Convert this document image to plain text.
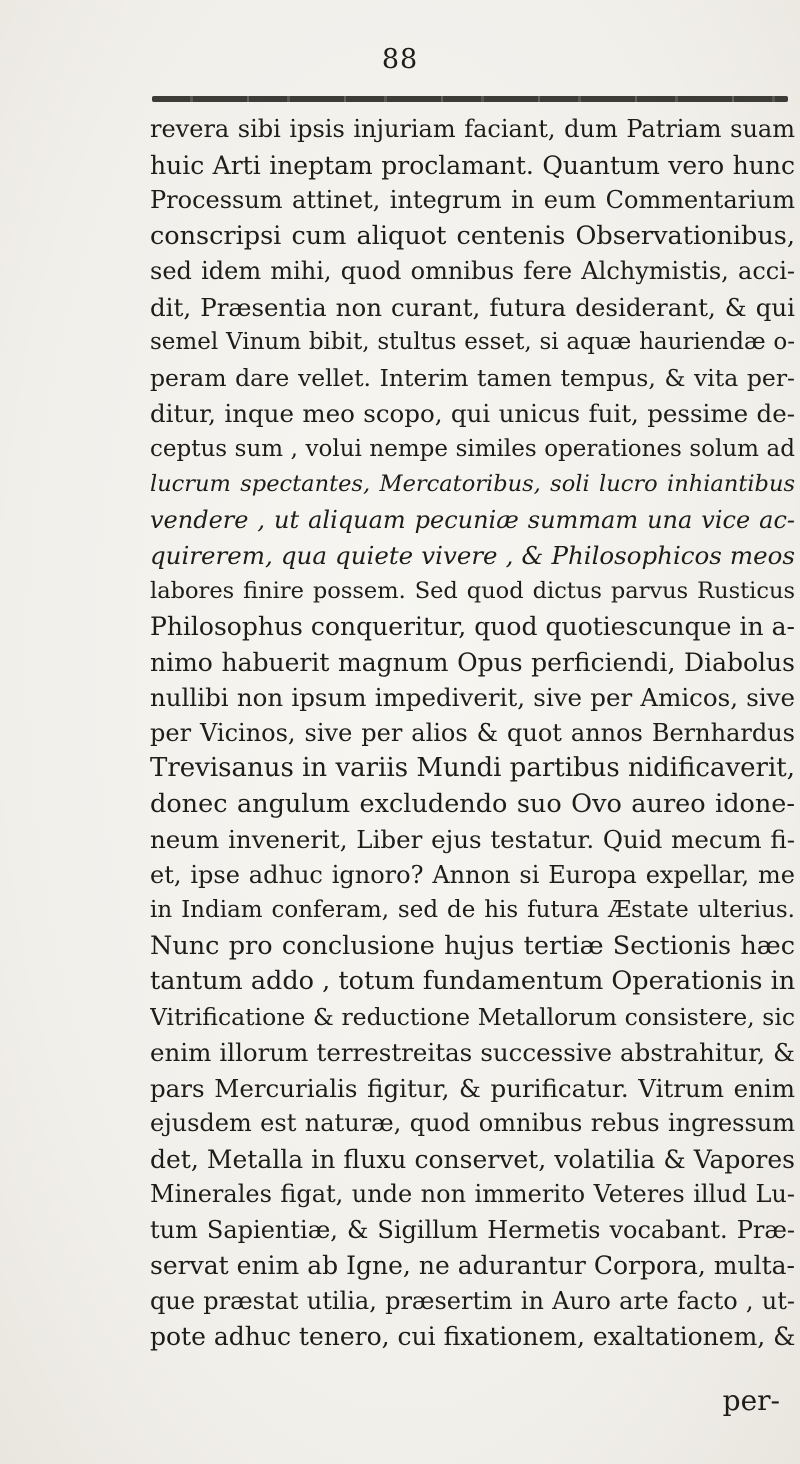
88
revera sibi ipsis injuriam faciant, dum Patriam suam
huic Arti ineptam proclamant. Quantum vero hunc
Processum attinet, integrum in eum Commentarium
conscripsi cum aliquot centenis Observationibus,
sed idem mihi, quod omnibus fere Alchymistis, acci-
dit, Præsentia non curant, futura desiderant, & qui
semel Vinum bibit, stultus esset, si aquæ hauriendæ o-
peram dare vellet. Interim tamen tempus, & vita per-
ditur, inque meo scopo, qui unicus fuit, pessime de-
ceptus sum , volui nempe similes operationes solum ad
lucrum spectantes, Mercatoribus, soli lucro inhiantibus
vendere , ut aliquam pecuniæ summam una vice ac-
quirerem, qua quiete vivere , & Philosophicos meos
labores finire possem. Sed quod dictus parvus Rusticus
Philosophus conqueritur, quod quotiescunque in a-
nimo habuerit magnum Opus perficiendi, Diabolus
nullibi non ipsum impediverit, sive per Amicos, sive
per Vicinos, sive per alios & quot annos Bernhardus
Trevisanus in variis Mundi partibus nidificaverit,
donec angulum excludendo suo Ovo aureo idone-
neum invenerit, Liber ejus testatur. Quid mecum fi-
et, ipse adhuc ignoro? Annon si Europa expellar, me
in Indiam conferam, sed de his futura Æstate ulterius.
Nunc pro conclusione hujus tertiæ Sectionis hæc
tantum addo , totum fundamentum Operationis in
Vitrificatione & reductione Metallorum consistere, sic
enim illorum terrestreitas successive abstrahitur, &
pars Mercurialis figitur, & purificatur. Vitrum enim
ejusdem est naturæ, quod omnibus rebus ingressum
det, Metalla in fluxu conservet, volatilia & Vapores
Minerales figat, unde non immerito Veteres illud Lu-
tum Sapientiæ, & Sigillum Hermetis vocabant. Præ-
servat enim ab Igne, ne adurantur Corpora, multa-
que præstat utilia, præsertim in Auro arte facto , ut-
pote adhuc tenero, cui fixationem, exaltationem, &
per-
